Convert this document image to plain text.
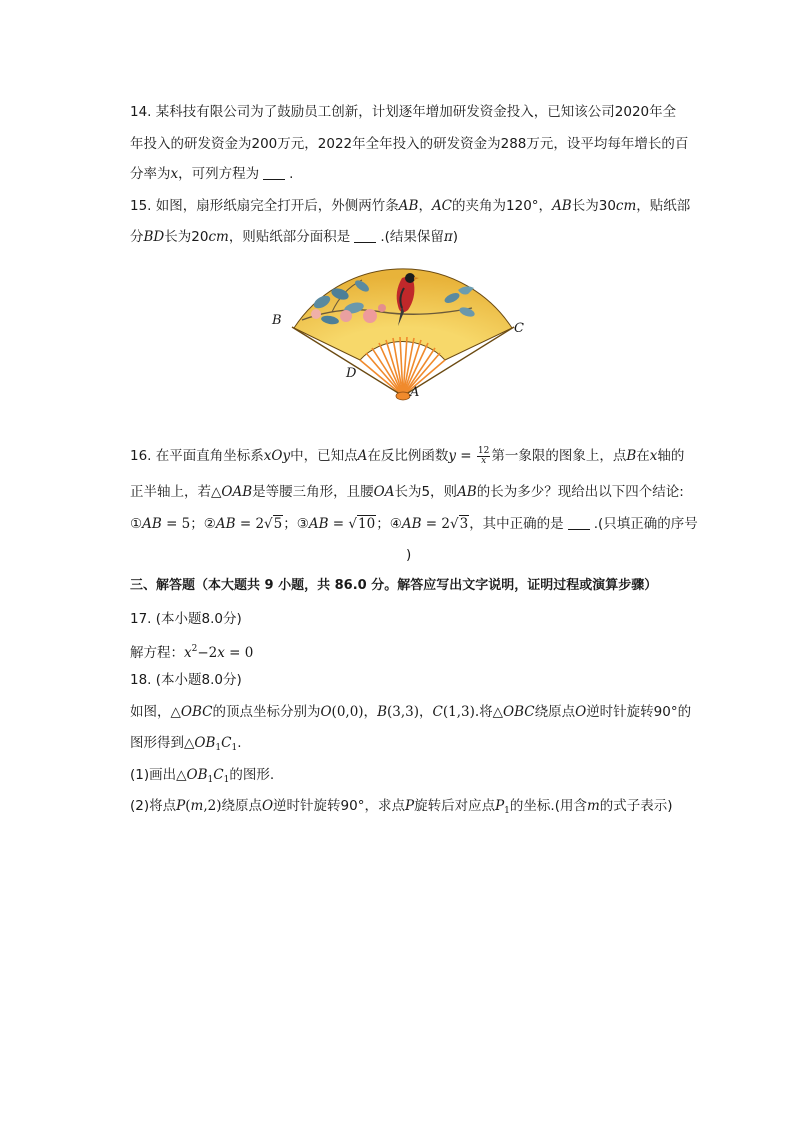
14. 某科技有限公司为了鼓励员工创新，计划逐年增加研发资金投入，已知该公司2020年全
年投入的研发资金为200万元，2022年全年投入的研发资金为288万元，设平均每年增长的百
分率为x，可列方程为 .
15. 如图，扇形纸扇完全打开后，外侧两竹条AB，AC的夹角为120°，AB长为30cm，贴纸部
分BD长为20cm，则贴纸部分面积是 .(结果保留π)
B
C
D
A
16. 在平面直角坐标系xOy中，已知点A在反比例函数$y = \frac{12}{x}$ 第一象限的图象上，点B在x轴的
正半轴上，若△OAB是等腰三角形，且腰OA长为5，则AB的长为多少？现给出以下四个结论:
①AB = 5；②AB = 2√5；③AB = √10；④AB = 2√3，其中正确的是 .(只填正确的序号
)
三、解答题（本大题共 9 小题，共 86.0 分。解答应写出文字说明，证明过程或演算步骤）
17. (本小题8.0分)
解方程：$x^2-2x = 0$
18. (本小题8.0分)
如图，△OBC的顶点坐标分别为O(0,0)，B(3,3)，C(1,3).将△OBC绕原点O逆时针旋转90°的
图形得到$\triangle OB_1C_1$.
(1)画出$\triangle OB_1C_1$的图形.
(2)将点P(m,2)绕原点O逆时针旋转90°，求点P旋转后对应点$P_1$的坐标.(用含m的式子表示)
